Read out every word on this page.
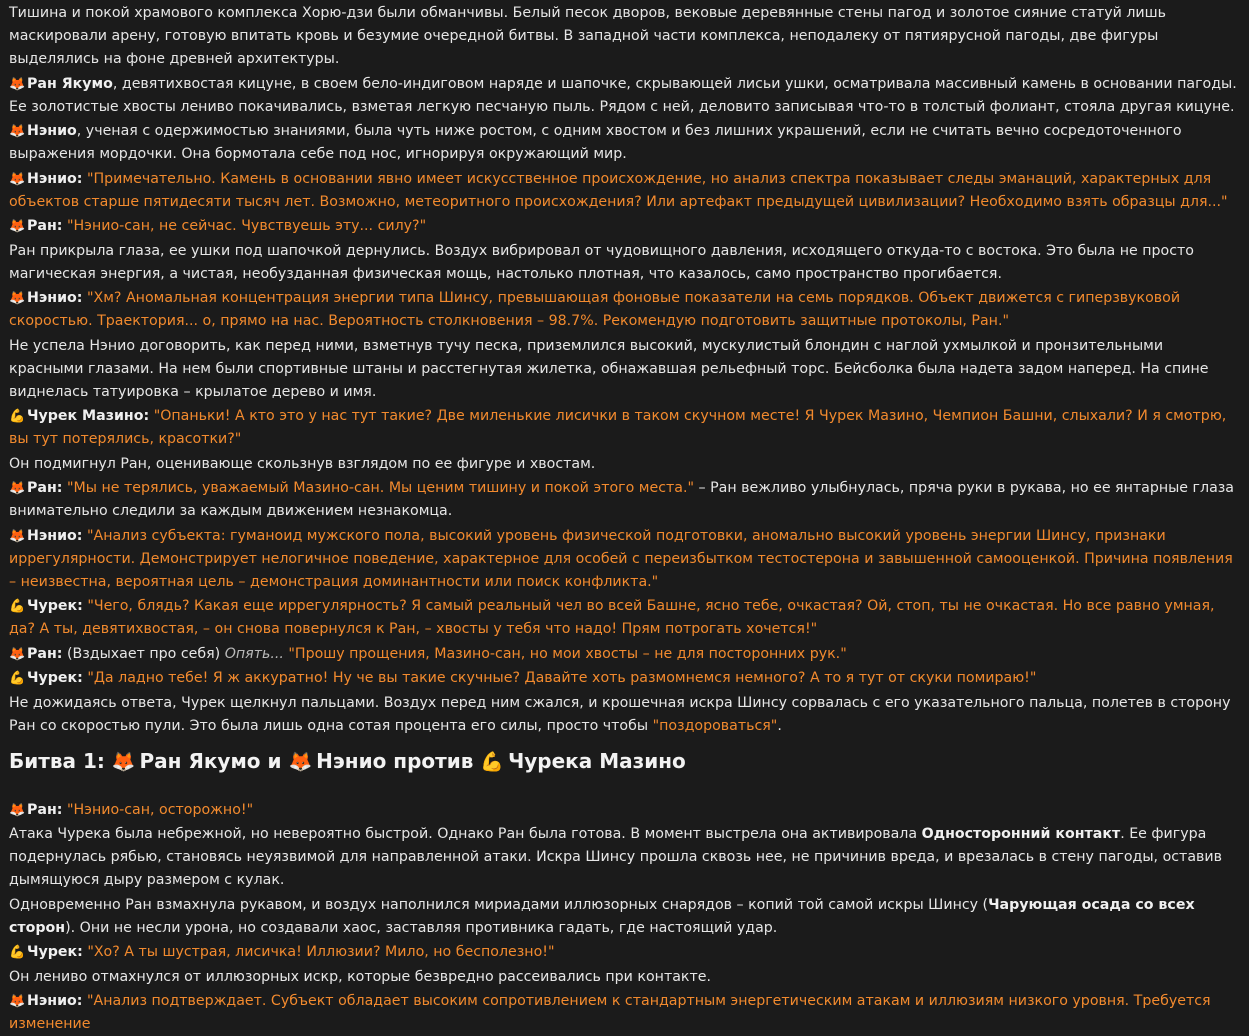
Тишина и покой храмового комплекса Хорю-дзи были обманчивы. Белый песок дворов, вековые деревянные стены пагод и золотое сияние статуй лишь маскировали арену, готовую впитать кровь и безумие очередной битвы. В западной части комплекса, неподалеку от пятиярусной пагоды, две фигуры выделялись на фоне древней архитектуры.

🦊 Ран Якумо, девятихвостая кицуне, в своем бело-индиговом наряде и шапочке, скрывающей лисьи ушки, осматривала массивный камень в основании пагоды. Ее золотистые хвосты лениво покачивались, взметая легкую песчаную пыль. Рядом с ней, деловито записывая что-то в толстый фолиант, стояла другая кицуне.

🦊 Нэнио, ученая с одержимостью знаниями, была чуть ниже ростом, с одним хвостом и без лишних украшений, если не считать вечно сосредоточенного выражения мордочки. Она бормотала себе под нос, игнорируя окружающий мир.

🦊 Нэнио: "Примечательно. Камень в основании явно имеет искусственное происхождение, но анализ спектра показывает следы эманаций, характерных для объектов старше пятидесяти тысяч лет. Возможно, метеоритного происхождения? Или артефакт предыдущей цивилизации? Необходимо взять образцы для..."

🦊 Ран: "Нэнио-сан, не сейчас. Чувствуешь эту... силу?"

Ран прикрыла глаза, ее ушки под шапочкой дернулись. Воздух вибрировал от чудовищного давления, исходящего откуда-то с востока. Это была не просто магическая энергия, а чистая, необузданная физическая мощь, настолько плотная, что казалось, само пространство прогибается.

🦊 Нэнио: "Хм? Аномальная концентрация энергии типа Шинсу, превышающая фоновые показатели на семь порядков. Объект движется с гиперзвуковой скоростью. Траектория... о, прямо на нас. Вероятность столкновения – 98.7%. Рекомендую подготовить защитные протоколы, Ран."

Не успела Нэнио договорить, как перед ними, взметнув тучу песка, приземлился высокий, мускулистый блондин с наглой ухмылкой и пронзительными красными глазами. На нем были спортивные штаны и расстегнутая жилетка, обнажавшая рельефный торс. Бейсболка была надета задом наперед. На спине виднелась татуировка – крылатое дерево и имя.

💪 Чурек Мазино: "Опаньки! А кто это у нас тут такие? Две миленькие лисички в таком скучном месте! Я Чурек Мазино, Чемпион Башни, слыхали? И я смотрю, вы тут потерялись, красотки?"

Он подмигнул Ран, оценивающе скользнув взглядом по ее фигуре и хвостам.

🦊 Ран: "Мы не терялись, уважаемый Мазино-сан. Мы ценим тишину и покой этого места." – Ран вежливо улыбнулась, пряча руки в рукава, но ее янтарные глаза внимательно следили за каждым движением незнакомца.

🦊 Нэнио: "Анализ субъекта: гуманоид мужского пола, высокий уровень физической подготовки, аномально высокий уровень энергии Шинсу, признаки иррегулярности. Демонстрирует нелогичное поведение, характерное для особей с переизбытком тестостерона и завышенной самооценкой. Причина появления – неизвестна, вероятная цель – демонстрация доминантности или поиск конфликта."

💪 Чурек: "Чего, блядь? Какая еще иррегулярность? Я самый реальный чел во всей Башне, ясно тебе, очкастая? Ой, стоп, ты не очкастая. Но все равно умная, да? А ты, девятихвостая, – он снова повернулся к Ран, – хвосты у тебя что надо! Прям потрогать хочется!"

🦊 Ран: (Вздыхает про себя) Опять... "Прошу прощения, Мазино-сан, но мои хвосты – не для посторонних рук."

💪 Чурек: "Да ладно тебе! Я ж аккуратно! Ну че вы такие скучные? Давайте хоть размомнемся немного? А то я тут от скуки помираю!"

Не дожидаясь ответа, Чурек щелкнул пальцами. Воздух перед ним сжался, и крошечная искра Шинсу сорвалась с его указательного пальца, полетев в сторону Ран со скоростью пули. Это была лишь одна сотая процента его силы, просто чтобы "поздороваться".

Битва 1: 🦊 Ран Якумо и 🦊 Нэнио против 💪 Чурека Мазино

🦊 Ран: "Нэнио-сан, осторожно!"

Атака Чурека была небрежной, но невероятно быстрой. Однако Ран была готова. В момент выстрела она активировала Односторонний контакт. Ее фигура подернулась рябью, становясь неуязвимой для направленной атаки. Искра Шинсу прошла сквозь нее, не причинив вреда, и врезалась в стену пагоды, оставив дымящуюся дыру размером с кулак.

Одновременно Ран взмахнула рукавом, и воздух наполнился мириадами иллюзорных снарядов – копий той самой искры Шинсу (Чарующая осада со всех сторон). Они не несли урона, но создавали хаос, заставляя противника гадать, где настоящий удар.

💪 Чурек: "Хо? А ты шустрая, лисичка! Иллюзии? Мило, но бесполезно!"

Он лениво отмахнулся от иллюзорных искр, которые безвредно рассеивались при контакте.

🦊 Нэнио: "Анализ подтверждает. Субъект обладает высоким сопротивлением к стандартным энергетическим атакам и иллюзиям низкого уровня. Требуется изменение
